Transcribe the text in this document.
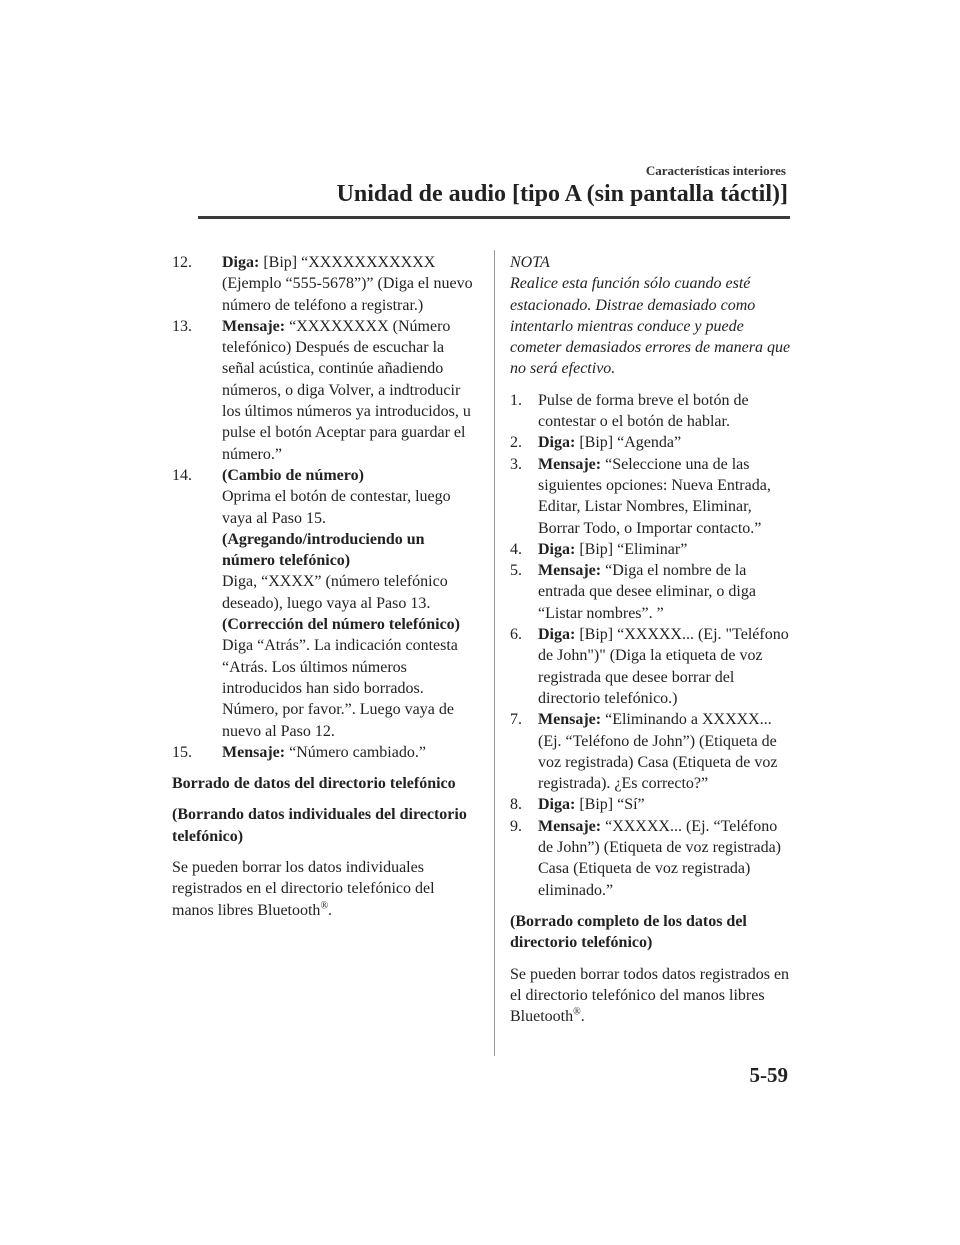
Características interiores
Unidad de audio [tipo A (sin pantalla táctil)]
12. Diga: [Bip] “XXXXXXXXXXX (Ejemplo “555-5678”)” (Diga el nuevo número de teléfono a registrar.)
13. Mensaje: “XXXXXXXX (Número telefónico) Después de escuchar la señal acústica, continúe añadiendo números, o diga Volver, a indtroducir los últimos números ya introducidos, u pulse el botón Aceptar para guardar el número.”
14. (Cambio de número)
Oprima el botón de contestar, luego vaya al Paso 15.
(Agregando/introduciendo un número telefónico)
Diga, “XXXX” (número telefónico deseado), luego vaya al Paso 13.
(Corrección del número telefónico)
Diga “Atrás”. La indicación contesta “Atrás. Los últimos números introducidos han sido borrados. Número, por favor.”. Luego vaya de nuevo al Paso 12.
15. Mensaje: “Número cambiado.”

Borrado de datos del directorio telefónico

(Borrando datos individuales del directorio telefónico)

Se pueden borrar los datos individuales registrados en el directorio telefónico del manos libres Bluetooth®.

NOTA

Realice esta función sólo cuando esté estacionado. Distrae demasiado como intentarlo mientras conduce y puede cometer demasiados errores de manera que no será efectivo.

1. Pulse de forma breve el botón de contestar o el botón de hablar.
2. Diga: [Bip] “Agenda”
3. Mensaje: “Seleccione una de las siguientes opciones: Nueva Entrada, Editar, Listar Nombres, Eliminar, Borrar Todo, o Importar contacto.”
4. Diga: [Bip] “Eliminar”
5. Mensaje: “Diga el nombre de la entrada que desee eliminar, o diga “Listar nombres”. ”
6. Diga: [Bip] “XXXXX... (Ej. "Teléfono de John")" (Diga la etiqueta de voz registrada que desee borrar del directorio telefónico.)
7. Mensaje: “Eliminando a XXXXX... (Ej. “Teléfono de John”) (Etiqueta de voz registrada) Casa (Etiqueta de voz registrada). ¿Es correcto?”
8. Diga: [Bip] “Sí”
9. Mensaje: “XXXXX... (Ej. “Teléfono de John”) (Etiqueta de voz registrada) Casa (Etiqueta de voz registrada) eliminado.”

(Borrado completo de los datos del directorio telefónico)

Se pueden borrar todos datos registrados en el directorio telefónico del manos libres Bluetooth®.

5-59
